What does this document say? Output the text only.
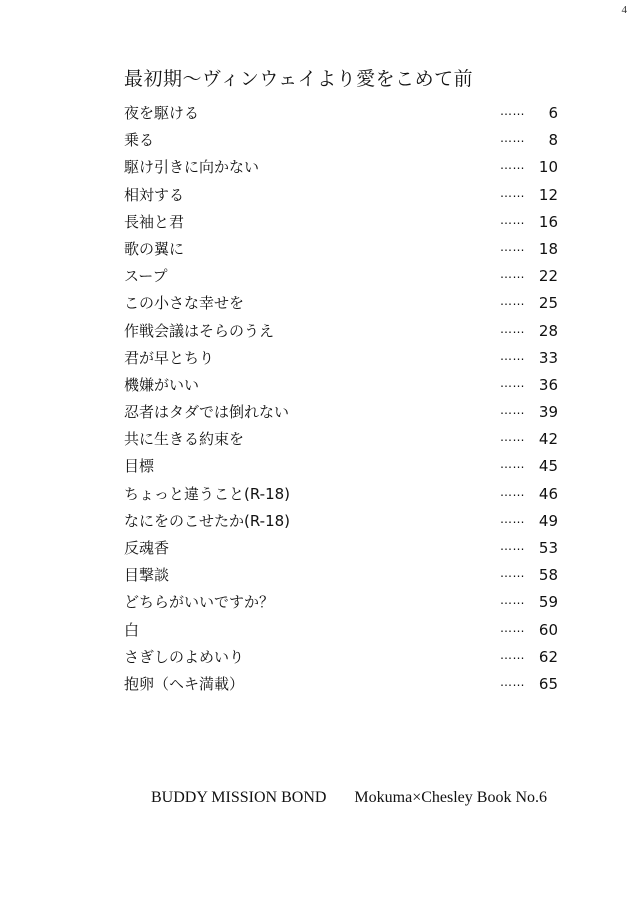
4
最初期～ヴィンウェイより愛をこめて前
夜を駆ける	…… 6
乗る	…… 8
駆け引きに向かない	…… 10
相対する	…… 12
長袖と君	…… 16
歌の翼に	…… 18
スープ	…… 22
この小さな幸せを	…… 25
作戦会議はそらのうえ	…… 28
君が早とちり	…… 33
機嫌がいい	…… 36
忍者はタダでは倒れない	…… 39
共に生きる約束を	…… 42
目標	…… 45
ちょっと違うこと(R-18)	…… 46
なにをのこせたか(R-18)	…… 49
反魂香	…… 53
目撃談	…… 58
どちらがいいですか？	…… 59
白	…… 60
さぎしのよめいり	…… 62
抱卵（ヘキ満載）	…… 65
BUDDY MISSION BOND Mokuma×Chesley Book No.6
